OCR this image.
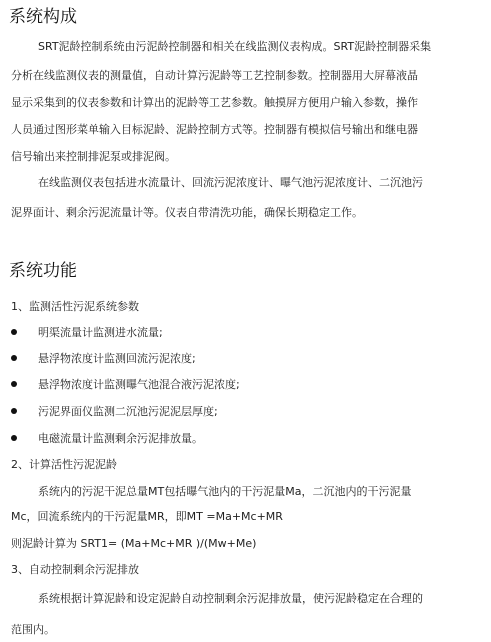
系统构成
SRT泥龄控制系统由污泥龄控制器和相关在线监测仪表构成。SRT泥龄控制器采集
分析在线监测仪表的测量值，自动计算污泥龄等工艺控制参数。控制器用大屏幕液晶
显示采集到的仪表参数和计算出的泥龄等工艺参数。触摸屏方便用户输入参数，操作
人员通过图形菜单输入目标泥龄、泥龄控制方式等。控制器有模拟信号输出和继电器
信号输出来控制排泥泵或排泥阀。
在线监测仪表包括进水流量计、回流污泥浓度计、曝气池污泥浓度计、二沉池污
泥界面计、剩余污泥流量计等。仪表自带清洗功能，确保长期稳定工作。
系统功能
1、监测活性污泥系统参数
明渠流量计监测进水流量;
悬浮物浓度计监测回流污泥浓度;
悬浮物浓度计监测曝气池混合液污泥浓度;
污泥界面仪监测二沉池污泥泥层厚度;
电磁流量计监测剩余污泥排放量。
2、计算活性污泥泥龄
系统内的污泥干泥总量MT包括曝气池内的干污泥量Ma，二沉池内的干污泥量
Mc，回流系统内的干污泥量MR，即MT =Ma+Mc+MR
则泥龄计算为 SRT1= (Ma+Mc+MR )/(Mw+Me)
3、自动控制剩余污泥排放
系统根据计算泥龄和设定泥龄自动控制剩余污泥排放量，使污泥龄稳定在合理的
范围内。
